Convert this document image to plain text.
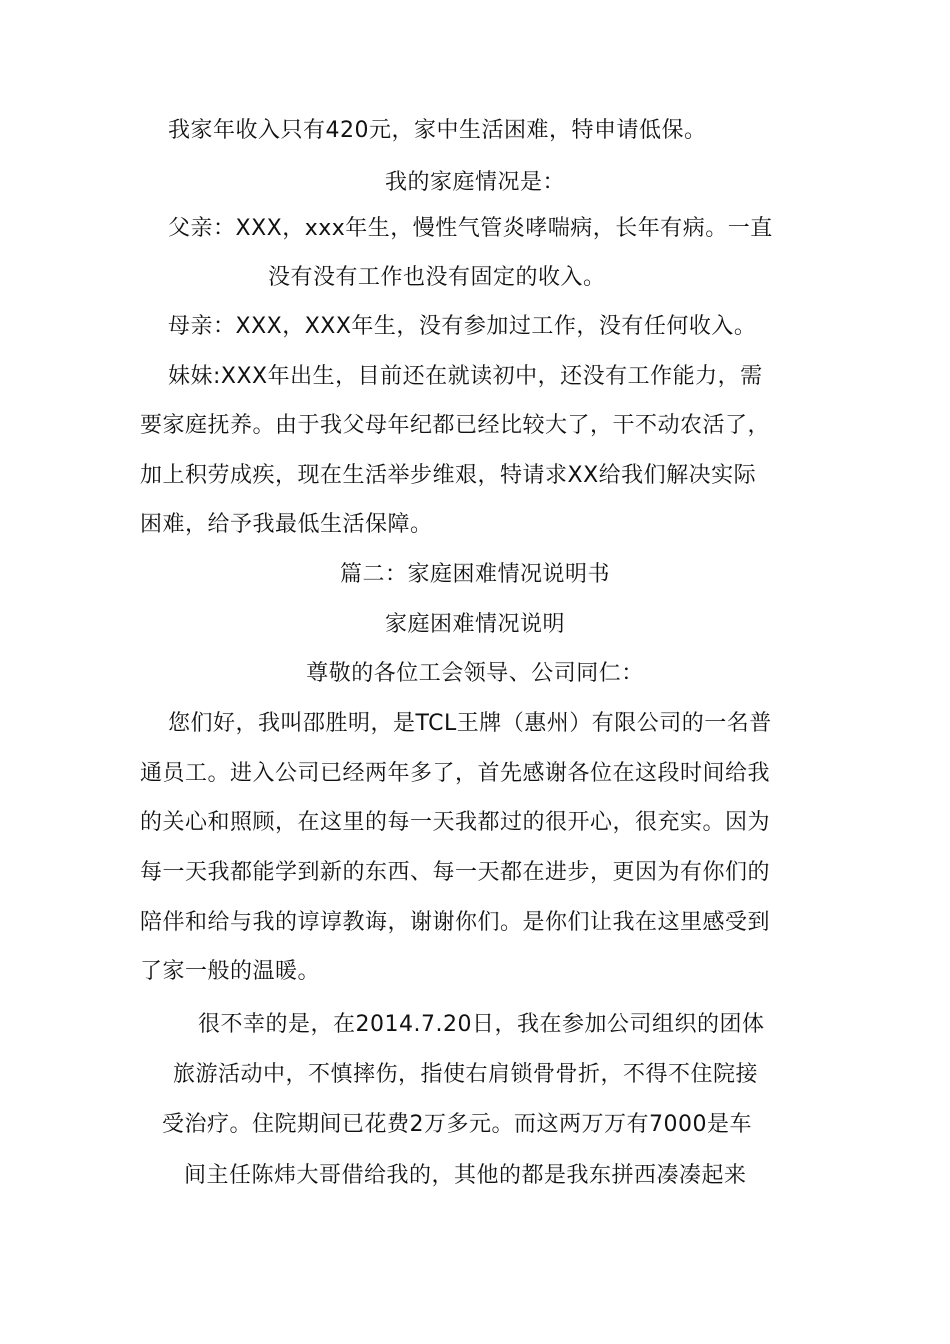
我家年收入只有420元，家中生活困难，特申请低保。

我的家庭情况是：

父亲：XXX，xxx年生，慢性气管炎哮喘病，长年有病。一直

没有没有工作也没有固定的收入。

母亲：XXX，XXX年生，没有参加过工作，没有任何收入。

妹妹:XXX年出生，目前还在就读初中，还没有工作能力，需

要家庭抚养。由于我父母年纪都已经比较大了，干不动农活了，

加上积劳成疾，现在生活举步维艰，特请求XX给我们解决实际

困难，给予我最低生活保障。

篇二：家庭困难情况说明书

家庭困难情况说明

尊敬的各位工会领导、公司同仁：

您们好，我叫邵胜明，是TCL王牌（惠州）有限公司的一名普

通员工。进入公司已经两年多了，首先感谢各位在这段时间给我

的关心和照顾，在这里的每一天我都过的很开心，很充实。因为

每一天我都能学到新的东西、每一天都在进步，更因为有你们的

陪伴和给与我的谆谆教诲，谢谢你们。是你们让我在这里感受到

了家一般的温暖。

很不幸的是，在2014.7.20日，我在参加公司组织的团体

旅游活动中，不慎摔伤，指使右肩锁骨骨折，不得不住院接

受治疗。住院期间已花费2万多元。而这两万万有7000是车

间主任陈炜大哥借给我的，其他的都是我东拼西凑凑起来
